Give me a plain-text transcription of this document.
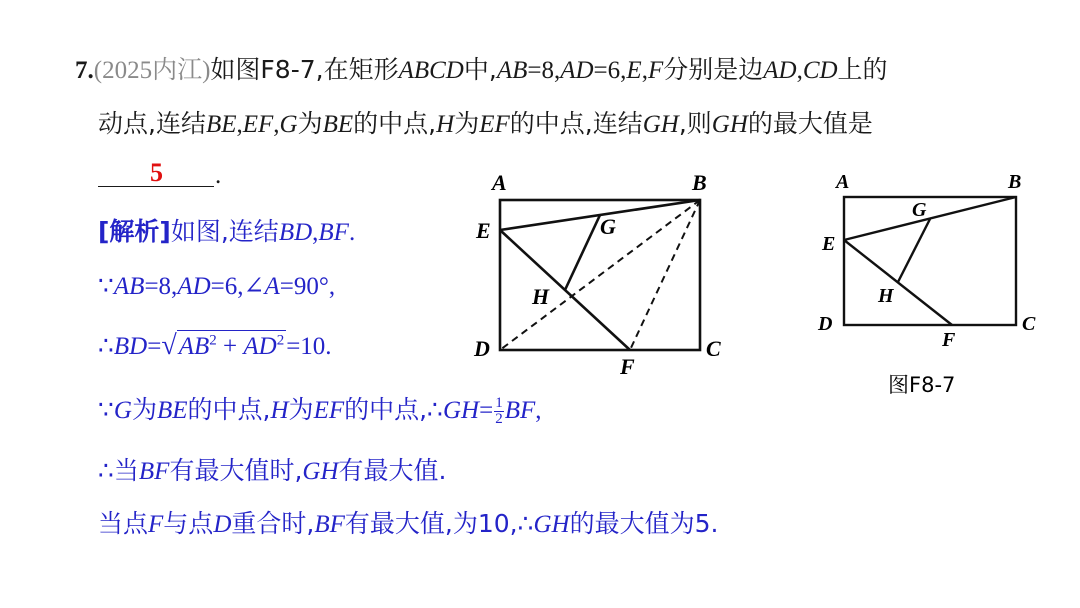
7.(2025内江)如图F8-7,在矩形ABCD中,AB=8,AD=6,E,F分别是边AD,CD上的
动点,连结BE,EF,G为BE的中点,H为EF的中点,连结GH,则GH的最大值是
5 .
[解析]如图,连结BD,BF.
∵AB=8,AD=6,∠A=90°,
$\therefore BD=√AB^2 + AD^2=10$.
∵G为BE的中点,H为EF的中点,∴GH= $\frac{1}{2}$ BF,
∴当BF有最大值时,GH有最大值.
当点F与点D重合时,BF有最大值,为10,∴GH的最大值为5.
A	B
C
D
E
F
G
H
A	B
C
D
E
F
G
H
图F8-7
